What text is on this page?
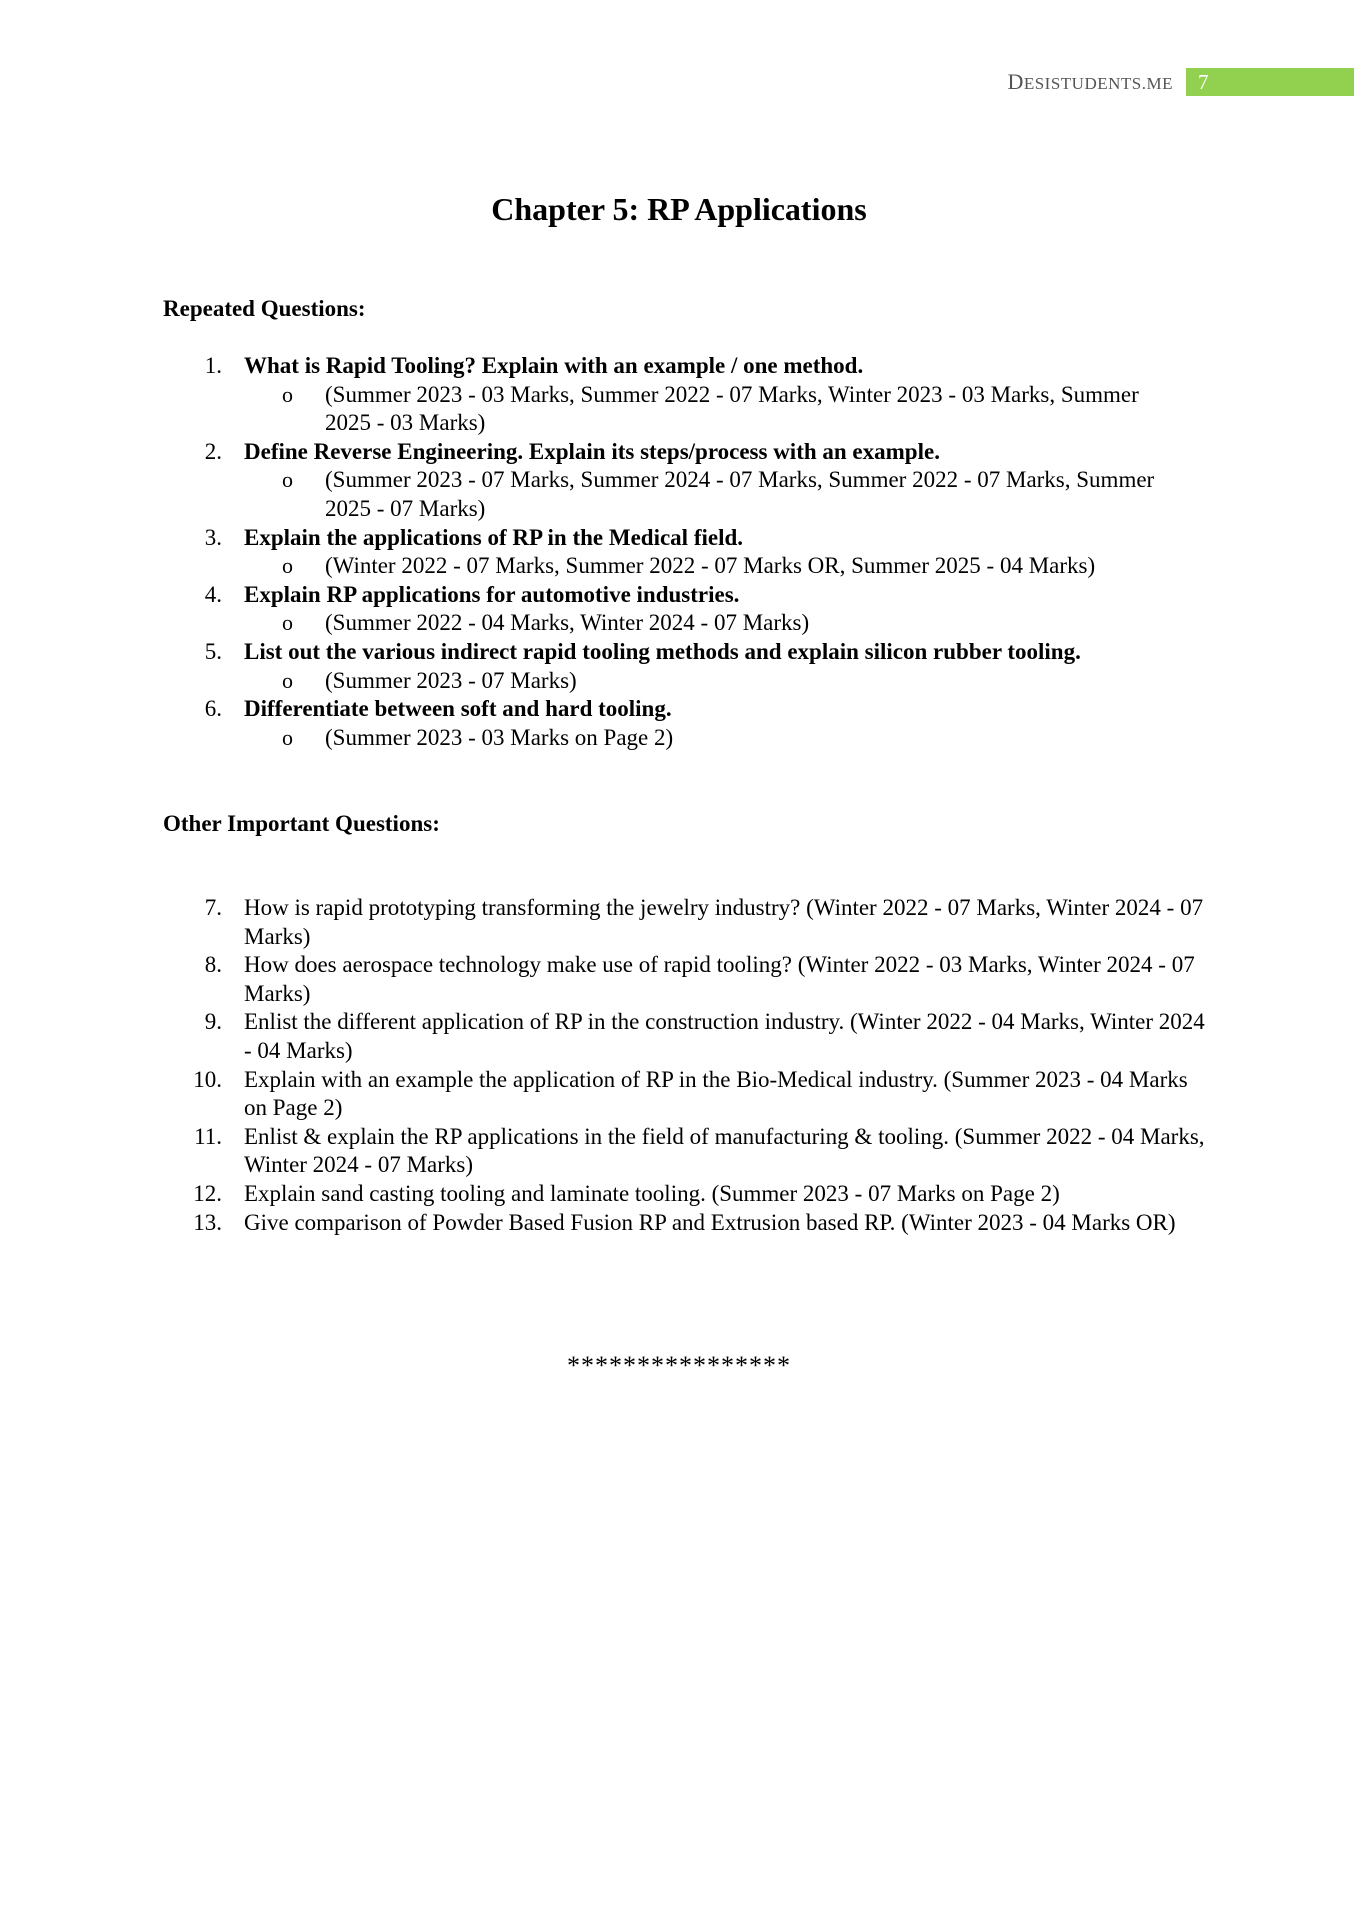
DESISTUDENTS.ME 7
Chapter 5: RP Applications
Repeated Questions:
1. What is Rapid Tooling? Explain with an example / one method.
o (Summer 2023 - 03 Marks, Summer 2022 - 07 Marks, Winter 2023 - 03 Marks, Summer 2025 - 03 Marks)
2. Define Reverse Engineering. Explain its steps/process with an example.
o (Summer 2023 - 07 Marks, Summer 2024 - 07 Marks, Summer 2022 - 07 Marks, Summer 2025 - 07 Marks)
3. Explain the applications of RP in the Medical field.
o (Winter 2022 - 07 Marks, Summer 2022 - 07 Marks OR, Summer 2025 - 04 Marks)
4. Explain RP applications for automotive industries.
o (Summer 2022 - 04 Marks, Winter 2024 - 07 Marks)
5. List out the various indirect rapid tooling methods and explain silicon rubber tooling.
o (Summer 2023 - 07 Marks)
6. Differentiate between soft and hard tooling.
o (Summer 2023 - 03 Marks on Page 2)
Other Important Questions:
7. How is rapid prototyping transforming the jewelry industry? (Winter 2022 - 07 Marks, Winter 2024 - 07 Marks)
8. How does aerospace technology make use of rapid tooling? (Winter 2022 - 03 Marks, Winter 2024 - 07 Marks)
9. Enlist the different application of RP in the construction industry. (Winter 2022 - 04 Marks, Winter 2024 - 04 Marks)
10. Explain with an example the application of RP in the Bio-Medical industry. (Summer 2023 - 04 Marks on Page 2)
11. Enlist & explain the RP applications in the field of manufacturing & tooling. (Summer 2022 - 04 Marks, Winter 2024 - 07 Marks)
12. Explain sand casting tooling and laminate tooling. (Summer 2023 - 07 Marks on Page 2)
13. Give comparison of Powder Based Fusion RP and Extrusion based RP. (Winter 2023 - 04 Marks OR)
****************
